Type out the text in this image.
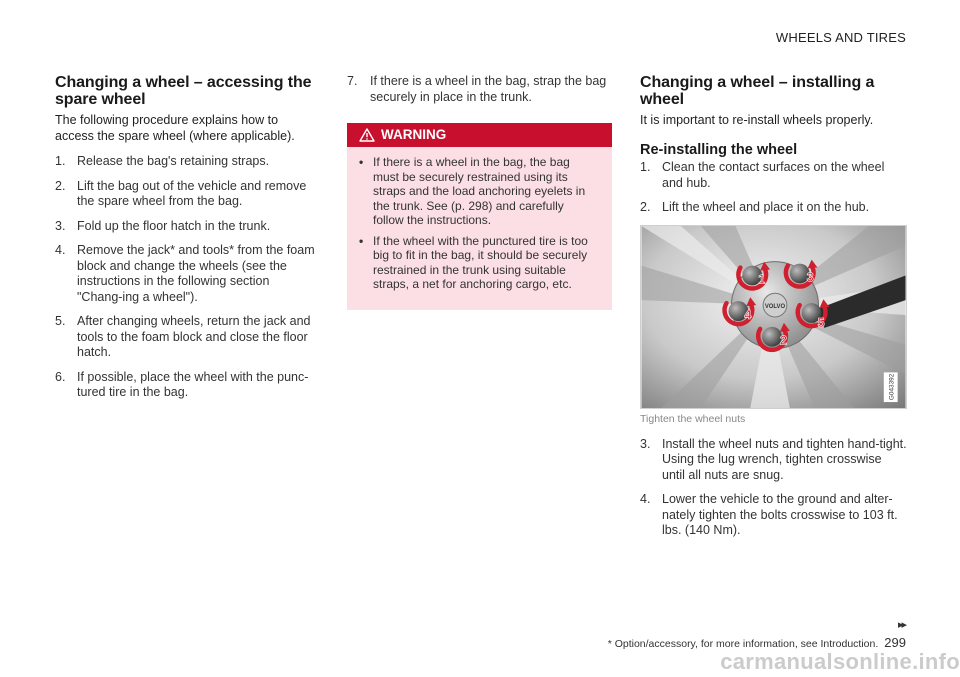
WHEELS AND TIRES
Changing a wheel – accessing the spare wheel

The following procedure explains how to access the spare wheel (where applicable).

1. Release the bag's retaining straps.
2. Lift the bag out of the vehicle and remove the spare wheel from the bag.
3. Fold up the floor hatch in the trunk.
4. Remove the jack* and tools* from the foam block and change the wheels (see the instructions in the following section "Chang-ing a wheel").
5. After changing wheels, return the jack and tools to the foam block and close the floor hatch.
6. If possible, place the wheel with the punc-tured tire in the bag.
7. If there is a wheel in the bag, strap the bag securely in place in the trunk.
WARNING
• If there is a wheel in the bag, the bag must be securely restrained using its straps and the load anchoring eyelets in the trunk. See (p. 298) and carefully follow the instructions.
• If the wheel with the punctured tire is too big to fit in the bag, it should be securely restrained in the trunk using suitable straps, a net for anchoring cargo, etc.
Changing a wheel – installing a wheel

It is important to re-install wheels properly.

Re-installing the wheel
1. Clean the contact surfaces on the wheel and hub.
2. Lift the wheel and place it on the hub.
VOLVO
1
2
3
4
5
G043392
Tighten the wheel nuts
3. Install the wheel nuts and tighten hand-tight. Using the lug wrench, tighten crosswise until all nuts are snug.
4. Lower the vehicle to the ground and alter-nately tighten the bolts crosswise to 103 ft. lbs. (140 Nm).
▸▸
* Option/accessory, for more information, see Introduction. 299
carmanualsonline.info
